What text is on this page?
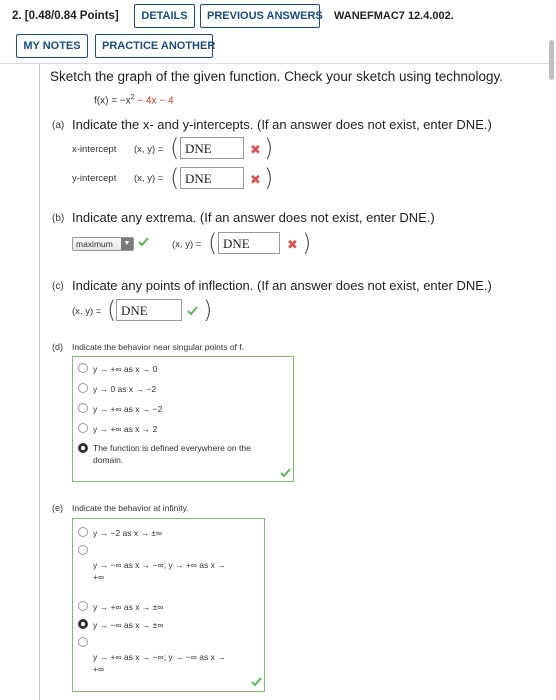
2. [0.48/0.84 Points]	DETAILS	PREVIOUS ANSWERS WANEFMAC7 12.4.002.
MY NOTES	PRACTICE ANOTHER
Sketch the graph of the given function. Check your sketch using technology.
$f(x) = -x^2 - 4x - 4$
(a) Indicate the x- and y-intercepts. (If an answer does not exist, enter DNE.)
x-intercept (x, y) = ( DNE	✖ )
y-intercept (x, y) = ( DNE	✖ )
(b) Indicate any extrema. (If an answer does not exist, enter DNE.)
maximum	▼	(x, y) = ( DNE	✖ )
(c) Indicate any points of inflection. (If an answer does not exist, enter DNE.)
(x, y) = ( DNE	)
(d) Indicate the behavior near singular points of f.
y → +∞ as x → 0
y → 0 as x → −2
y → +∞ as x → −2
y → +∞ as x → 2
The function is defined everywhere on the
domain.
(e) Indicate the behavior at infinity.
y → −2 as x → ±∞
y → −∞ as x → −∞; y → +∞ as x →
+∞
y → +∞ as x → ±∞
y → −∞ as x → ±∞
y → +∞ as x → −∞; y → −∞ as x →
+∞
